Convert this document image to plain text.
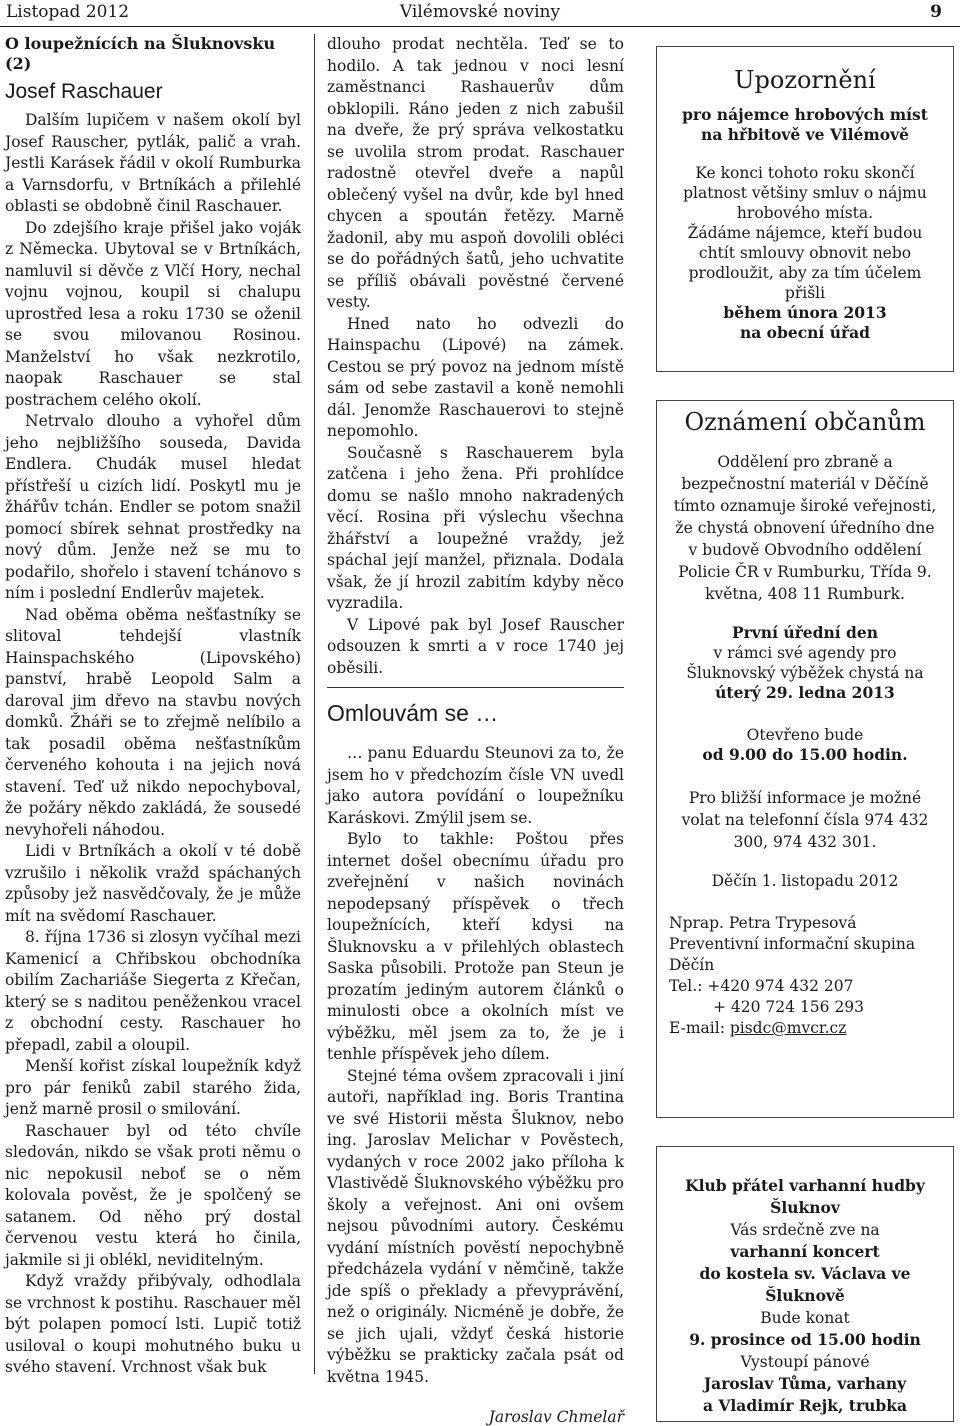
Listopad 2012	Vilémovské noviny	9
O loupežnících na Šluknovsku (2)
Josef Raschauer

Dalším lupičem v našem okolí byl Josef Rauscher, pytlák, palič a vrah. Jestli Karásek řádil v okolí Rumburka a Varnsdorfu, v Brtníkách a přilehlé oblasti se obdobně činil Raschauer.

Do zdejšího kraje přišel jako voják z Německa. Ubytoval se v Brtníkách, namluvil si děvče z Vlčí Hory, nechal vojnu vojnou, koupil si chalupu uprostřed lesa a roku 1730 se oženil se svou milovanou Rosinou. Manželství ho však nezkrotilo, naopak Raschauer se stal postrachem celého okolí.

Netrvalo dlouho a vyhořel dům jeho nejbližšího souseda, Davida Endlera. Chudák musel hledat přístřeší u cizích lidí. Poskytl mu je žhářův tchán. Endler se potom snažil pomocí sbírek sehnat prostředky na nový dům. Jenže než se mu to podařilo, shořelo i stavení tchánovo s ním i poslední Endlerův majetek.

Nad oběma oběma nešťastníky se slitoval tehdejší vlastník Hainspachského (Lipovského) panství, hrabě Leopold Salm a daroval jim dřevo na stavbu nových domků. Žháři se to zřejmě nelíbilo a tak posadil oběma nešťastníkům červeného kohouta i na jejich nová stavení. Teď už nikdo nepochyboval, že požáry někdo zakládá, že sousedé nevyhořeli náhodou.

Lidi v Brtníkách a okolí v té době vzrušilo i několik vražd spáchaných způsoby jež nasvědčovaly, že je může mít na svědomí Raschauer.

8. října 1736 si zlosyn vyčíhal mezi Kamenicí a Chřibskou obchodníka obilím Zachariáše Siegerta z Křečan, který se s naditou peněženkou vracel z obchodní cesty. Raschauer ho přepadl, zabil a oloupil.

Menší kořist získal loupežník když pro pár feniků zabil starého žida, jenž marně prosil o smilování.

Raschauer byl od této chvíle sledován, nikdo se však proti němu o nic nepokusil neboť se o něm kolovala pověst, že je spolčený se satanem. Od něho prý dostal červenou vestu která ho činila, jakmile si ji oblékl, neviditelným.

Když vraždy přibývaly, odhodlala se vrchnost k postihu. Raschauer měl být polapen pomocí lsti. Lupič totiž usiloval o koupi mohutného buku u svého stavení. Vrchnost však buk

dlouho prodat nechtěla. Teď se to hodilo. A tak jednou v noci lesní zaměstnanci Rashauerův dům obklopili. Ráno jeden z nich zabušil na dveře, že prý správa velkostatku se uvolila strom prodat. Raschauer radostně otevřel dveře a napůl oblečený vyšel na dvůr, kde byl hned chycen a spoután řetězy. Marně žadonil, aby mu aspoň dovolili obléci se do pořádných šatů, jeho uchvatite se příliš obávali pověstné červené vesty.

Hned nato ho odvezli do Hainspachu (Lipové) na zámek. Cestou se prý povoz na jednom místě sám od sebe zastavil a koně nemohli dál. Jenomže Raschauerovi to stejně nepomohlo.

Současně s Raschauerem byla zatčena i jeho žena. Při prohlídce domu se našlo mnoho nakradených věcí. Rosina při výslechu všechna žhářství a loupežné vraždy, jež spáchal její manžel, přiznala. Dodala však, že jí hrozil zabitím kdyby něco vyzradila.

V Lipové pak byl Josef Rauscher odsouzen k smrti a v roce 1740 jej oběsili.

Omlouvám se …

… panu Eduardu Steunovi za to, že jsem ho v předchozím čísle VN uvedl jako autora povídání o loupežníku Karáskovi. Zmýlil jsem se.

Bylo to takhle: Poštou přes internet došel obecnímu úřadu pro zveřejnění v našich novinách nepodepsaný příspěvek o třech loupežnících, kteří kdysi na Šluknovsku a v přilehlých oblastech Saska působili. Protože pan Steun je prozatím jediným autorem článků o minulosti obce a okolních míst ve výběžku, měl jsem za to, že je i tenhle příspěvek jeho dílem.

Stejné téma ovšem zpracovali i jiní autoři, například ing. Boris Trantina ve své Historii města Šluknov, nebo ing. Jaroslav Melichar v Pověstech, vydaných v roce 2002 jako příloha k Vlastivědě Šluknovského výběžku pro školy a veřejnost. Ani oni ovšem nejsou původními autory. Českému vydání místních pověstí nepochybně předcházela vydání v němčině, takže jde spíš o překlady a převyprávění, než o originály. Nicméně je dobře, že se jich ujali, vždyť česká historie výběžku se prakticky začala psát od května 1945.

Jaroslav Chmelař
Upozornění
pro nájemce hrobových míst na hřbitově ve Vilémově
Ke konci tohoto roku skončí platnost většiny smluv o nájmu hrobového místa.
Žádáme nájemce, kteří budou chtít smlouvy obnovit nebo prodloužit, aby za tím účelem přišli
během února 2013 na obecní úřad
Oznámení občanům
Oddělení pro zbraně a bezpečnostní materiál v Děčíně tímto oznamuje široké veřejnosti, že chystá obnovení úředního dne v budově Obvodního oddělení Policie ČR v Rumburku, Třída 9. května, 408 11 Rumburk.
První úřední den
v rámci své agendy pro Šluknovský výběžek chystá na
úterý 29. ledna 2013
Otevřeno bude
od 9.00 do 15.00 hodin.
Pro bližší informace je možné volat na telefonní čísla 974 432 300, 974 432 301.
Děčín 1. listopadu 2012
Nprap. Petra Trypesová
Preventivní informační skupina Děčín
Tel.: +420 974 432 207
+ 420 724 156 293
E-mail: pisdc@mvcr.cz
Klub přátel varhanní hudby Šluknov
Vás srdečně zve na
varhanní koncert
do kostela sv. Václava ve Šluknově
Bude konat
9. prosince od 15.00 hodin
Vystoupí pánové
Jaroslav Tůma, varhany
a Vladimír Rejk, trubka
